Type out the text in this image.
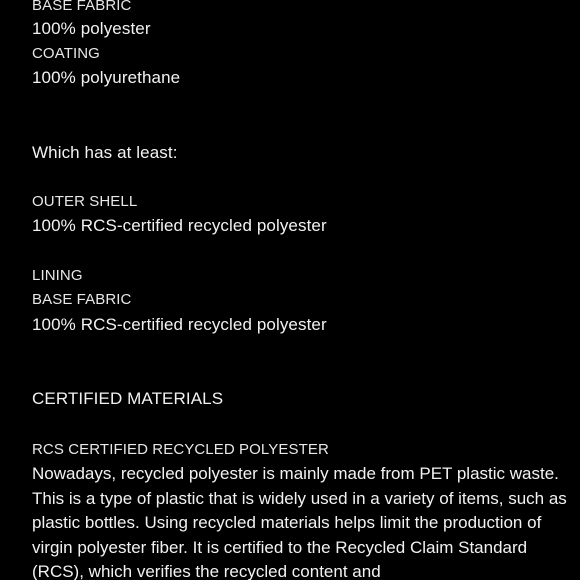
BASE FABRIC
100% polyester
COATING
100% polyurethane
Which has at least:
OUTER SHELL
100% RCS-certified recycled polyester
LINING
BASE FABRIC
100% RCS-certified recycled polyester
CERTIFIED MATERIALS
RCS CERTIFIED RECYCLED POLYESTER
Nowadays, recycled polyester is mainly made from PET plastic waste. This is a type of plastic that is widely used in a variety of items, such as plastic bottles. Using recycled materials helps limit the production of virgin polyester fiber. It is certified to the Recycled Claim Standard (RCS), which verifies the recycled content and
